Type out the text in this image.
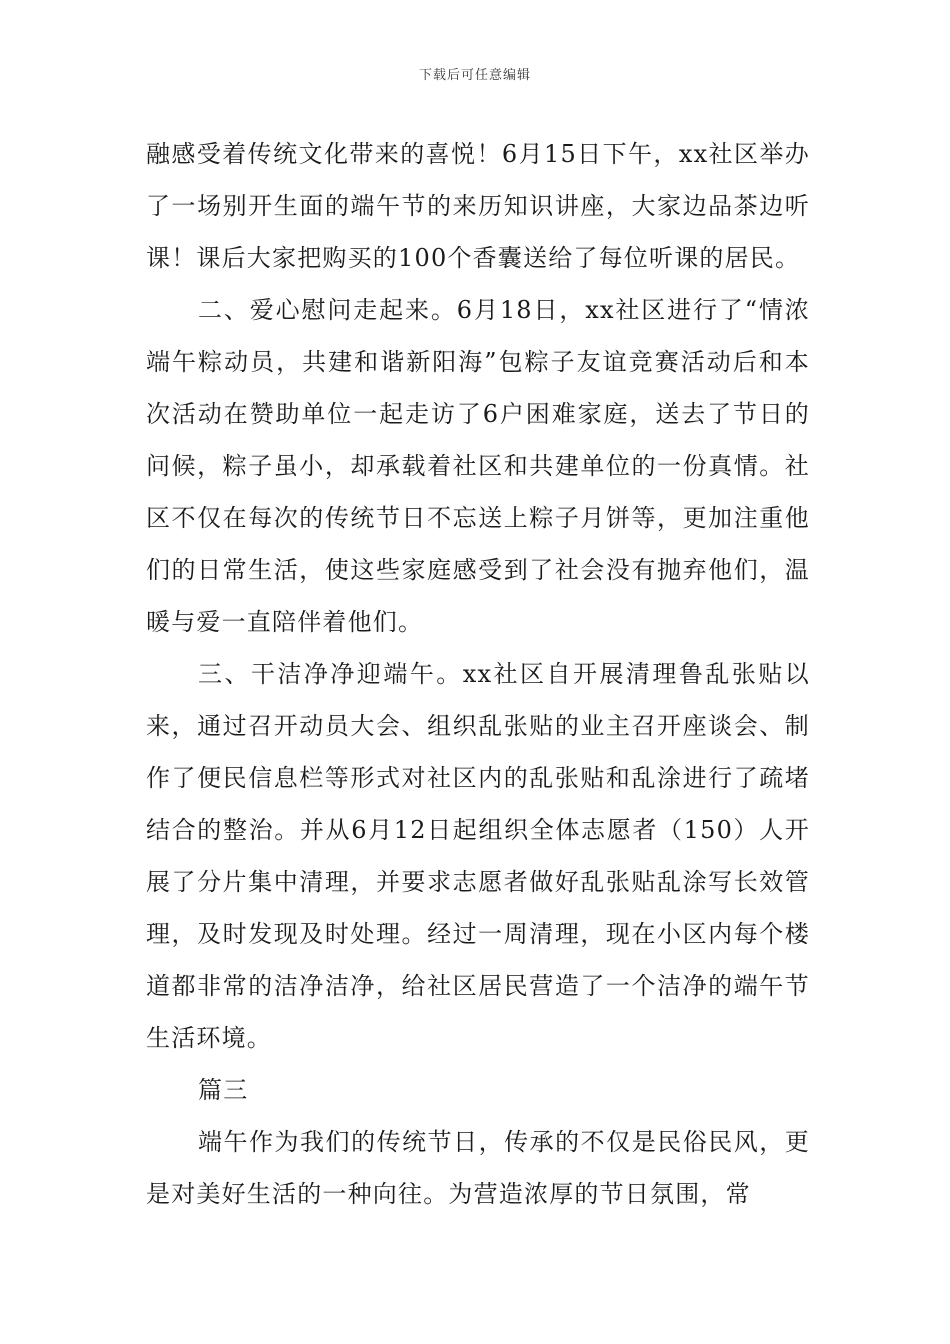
下载后可任意编辑

融感受着传统文化带来的喜悦！6月15日下午，xx社区举办了一场别开生面的端午节的来历知识讲座，大家边品茶边听课！课后大家把购买的100个香囊送给了每位听课的居民。

二、爱心慰问走起来。6月18日，xx社区进行了“情浓端午粽动员，共建和谐新阳海”包粽子友谊竞赛活动后和本次活动在赞助单位一起走访了6户困难家庭，送去了节日的问候，粽子虽小，却承载着社区和共建单位的一份真情。社区不仅在每次的传统节日不忘送上粽子月饼等，更加注重他们的日常生活，使这些家庭感受到了社会没有抛弃他们，温暖与爱一直陪伴着他们。

三、干洁净净迎端午。xx社区自开展清理鲁乱张贴以来，通过召开动员大会、组织乱张贴的业主召开座谈会、制作了便民信息栏等形式对社区内的乱张贴和乱涂进行了疏堵结合的整治。并从6月12日起组织全体志愿者（150）人开展了分片集中清理，并要求志愿者做好乱张贴乱涂写长效管理，及时发现及时处理。经过一周清理，现在小区内每个楼道都非常的洁净洁净，给社区居民营造了一个洁净的端午节生活环境。

篇三

端午作为我们的传统节日，传承的不仅是民俗民风，更是对美好生活的一种向往。为营造浓厚的节日氛围，常
